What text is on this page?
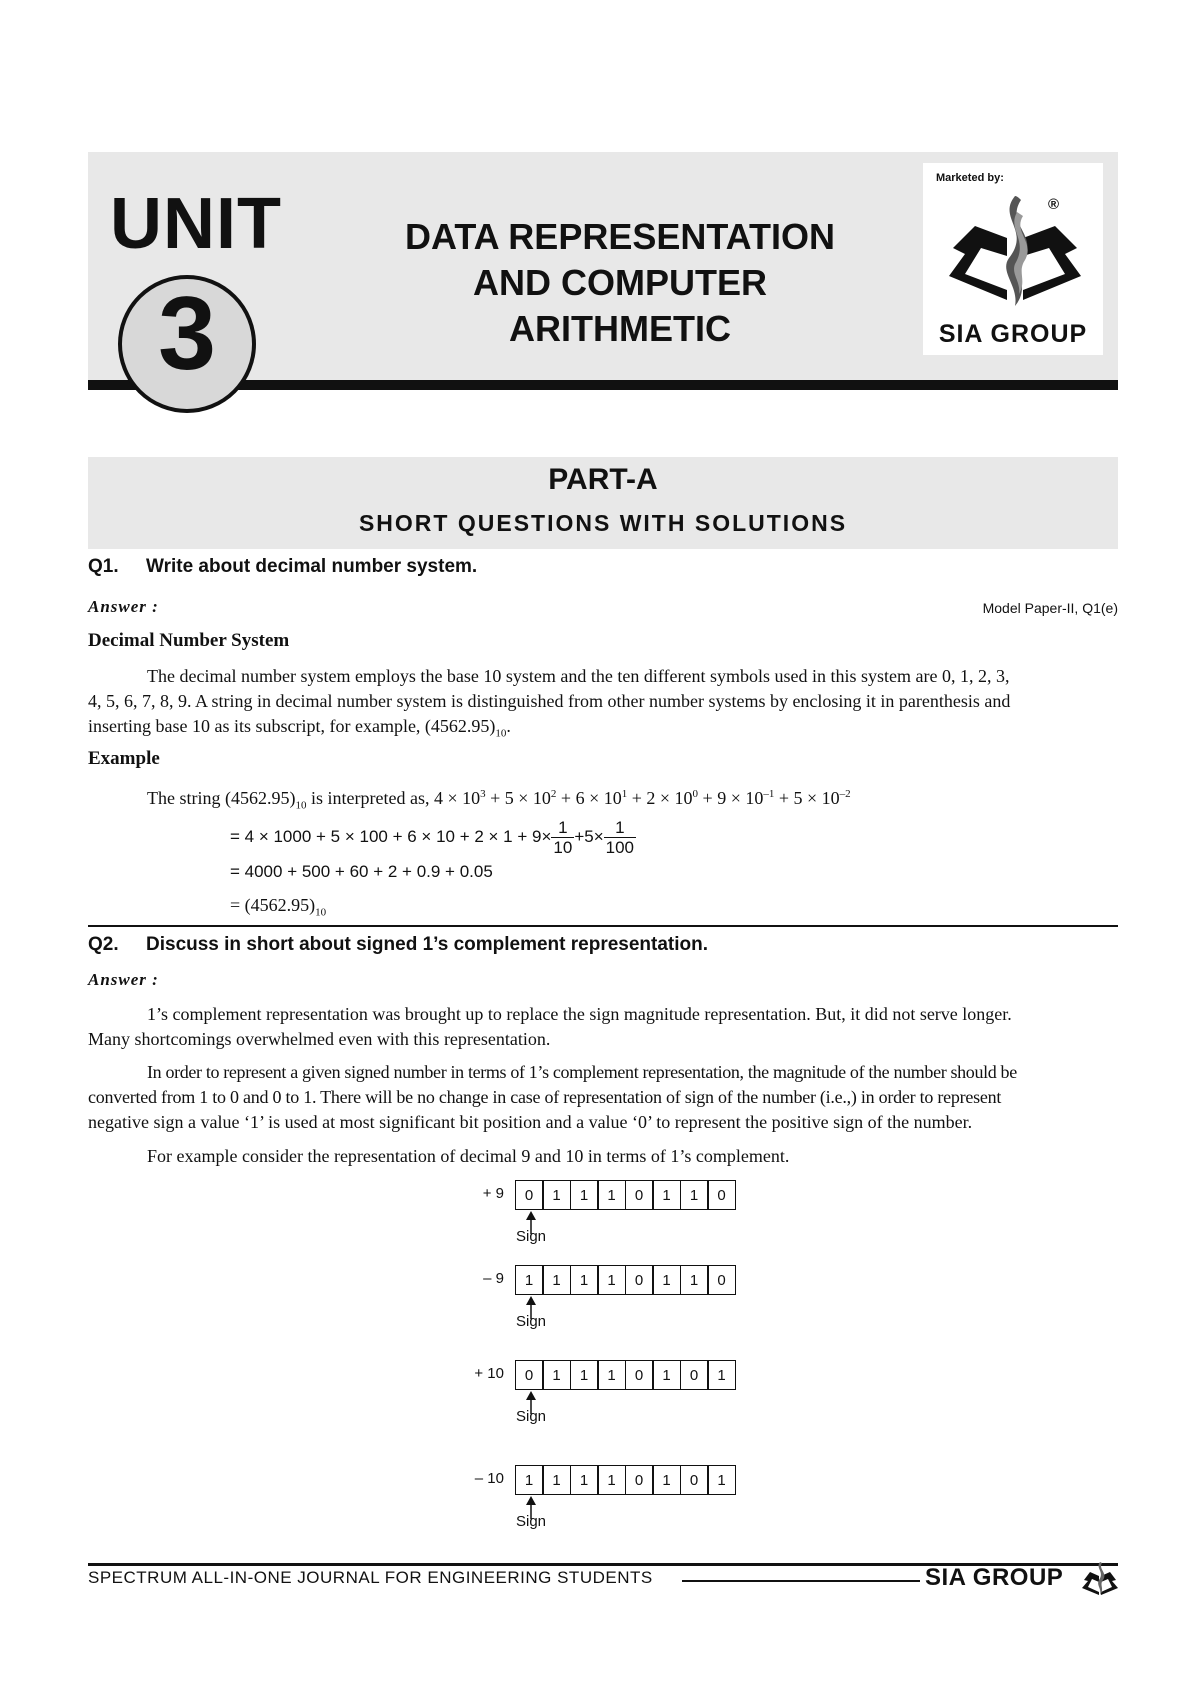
UNIT
3
DATA REPRESENTATION
AND COMPUTER
ARITHMETIC
Marketed by:
®
SIA GROUP
PART-A
SHORT QUESTIONS WITH SOLUTIONS
Q1. Write about decimal number system.
Answer :	Model Paper-II, Q1(e)
Decimal Number System
The decimal number system employs the base 10 system and the ten different symbols used in this system are 0, 1, 2, 3,
4, 5, 6, 7, 8, 9. A string in decimal number system is distinguished from other number systems by enclosing it in parenthesis and
inserting base 10 as its subscript, for example, $(4562.95)_{10}$.
Example
The string $(4562.95)_{10}$ is interpreted as, $4 \times 10^3 + 5 \times 10^2 + 6 \times 10^1 + 2 \times 10^0 + 9 \times 10^{-1} + 5 \times 10^{-2}$
= $4 \times 1000 + 5 \times 100 + 6 \times 10 + 2 \times 1 + 9\times \frac{1}{10} +5\times \frac{1}{100}$
= 4000 + 500 + 60 + 2 + 0.9 + 0.05
= $(4562.95)_{10}$
Q2. Discuss in short about signed 1’s complement representation.
Answer :
1’s complement representation was brought up to replace the sign magnitude representation. But, it did not serve longer.
Many shortcomings overwhelmed even with this representation.
In order to represent a given signed number in terms of 1’s complement representation, the magnitude of the number should be
converted from 1 to 0 and 0 to 1. There will be no change in case of representation of sign of the number (i.e.,) in order to represent
negative sign a value ‘1’ is used at most significant bit position and a value ‘0’ to represent the positive sign of the number.
For example consider the representation of decimal 9 and 10 in terms of 1’s complement.
+ 9	0	1	1	1	0	1	1	0
Sign
– 9	1	1	1	1	0	1	1	0
Sign
+ 10	0	1	1	1	0	1	0	1
Sign
– 10	1	1	1	1	0	1	0	1
Sign
SPECTRUM ALL-IN-ONE JOURNAL FOR ENGINEERING STUDENTS	SIA GROUP
